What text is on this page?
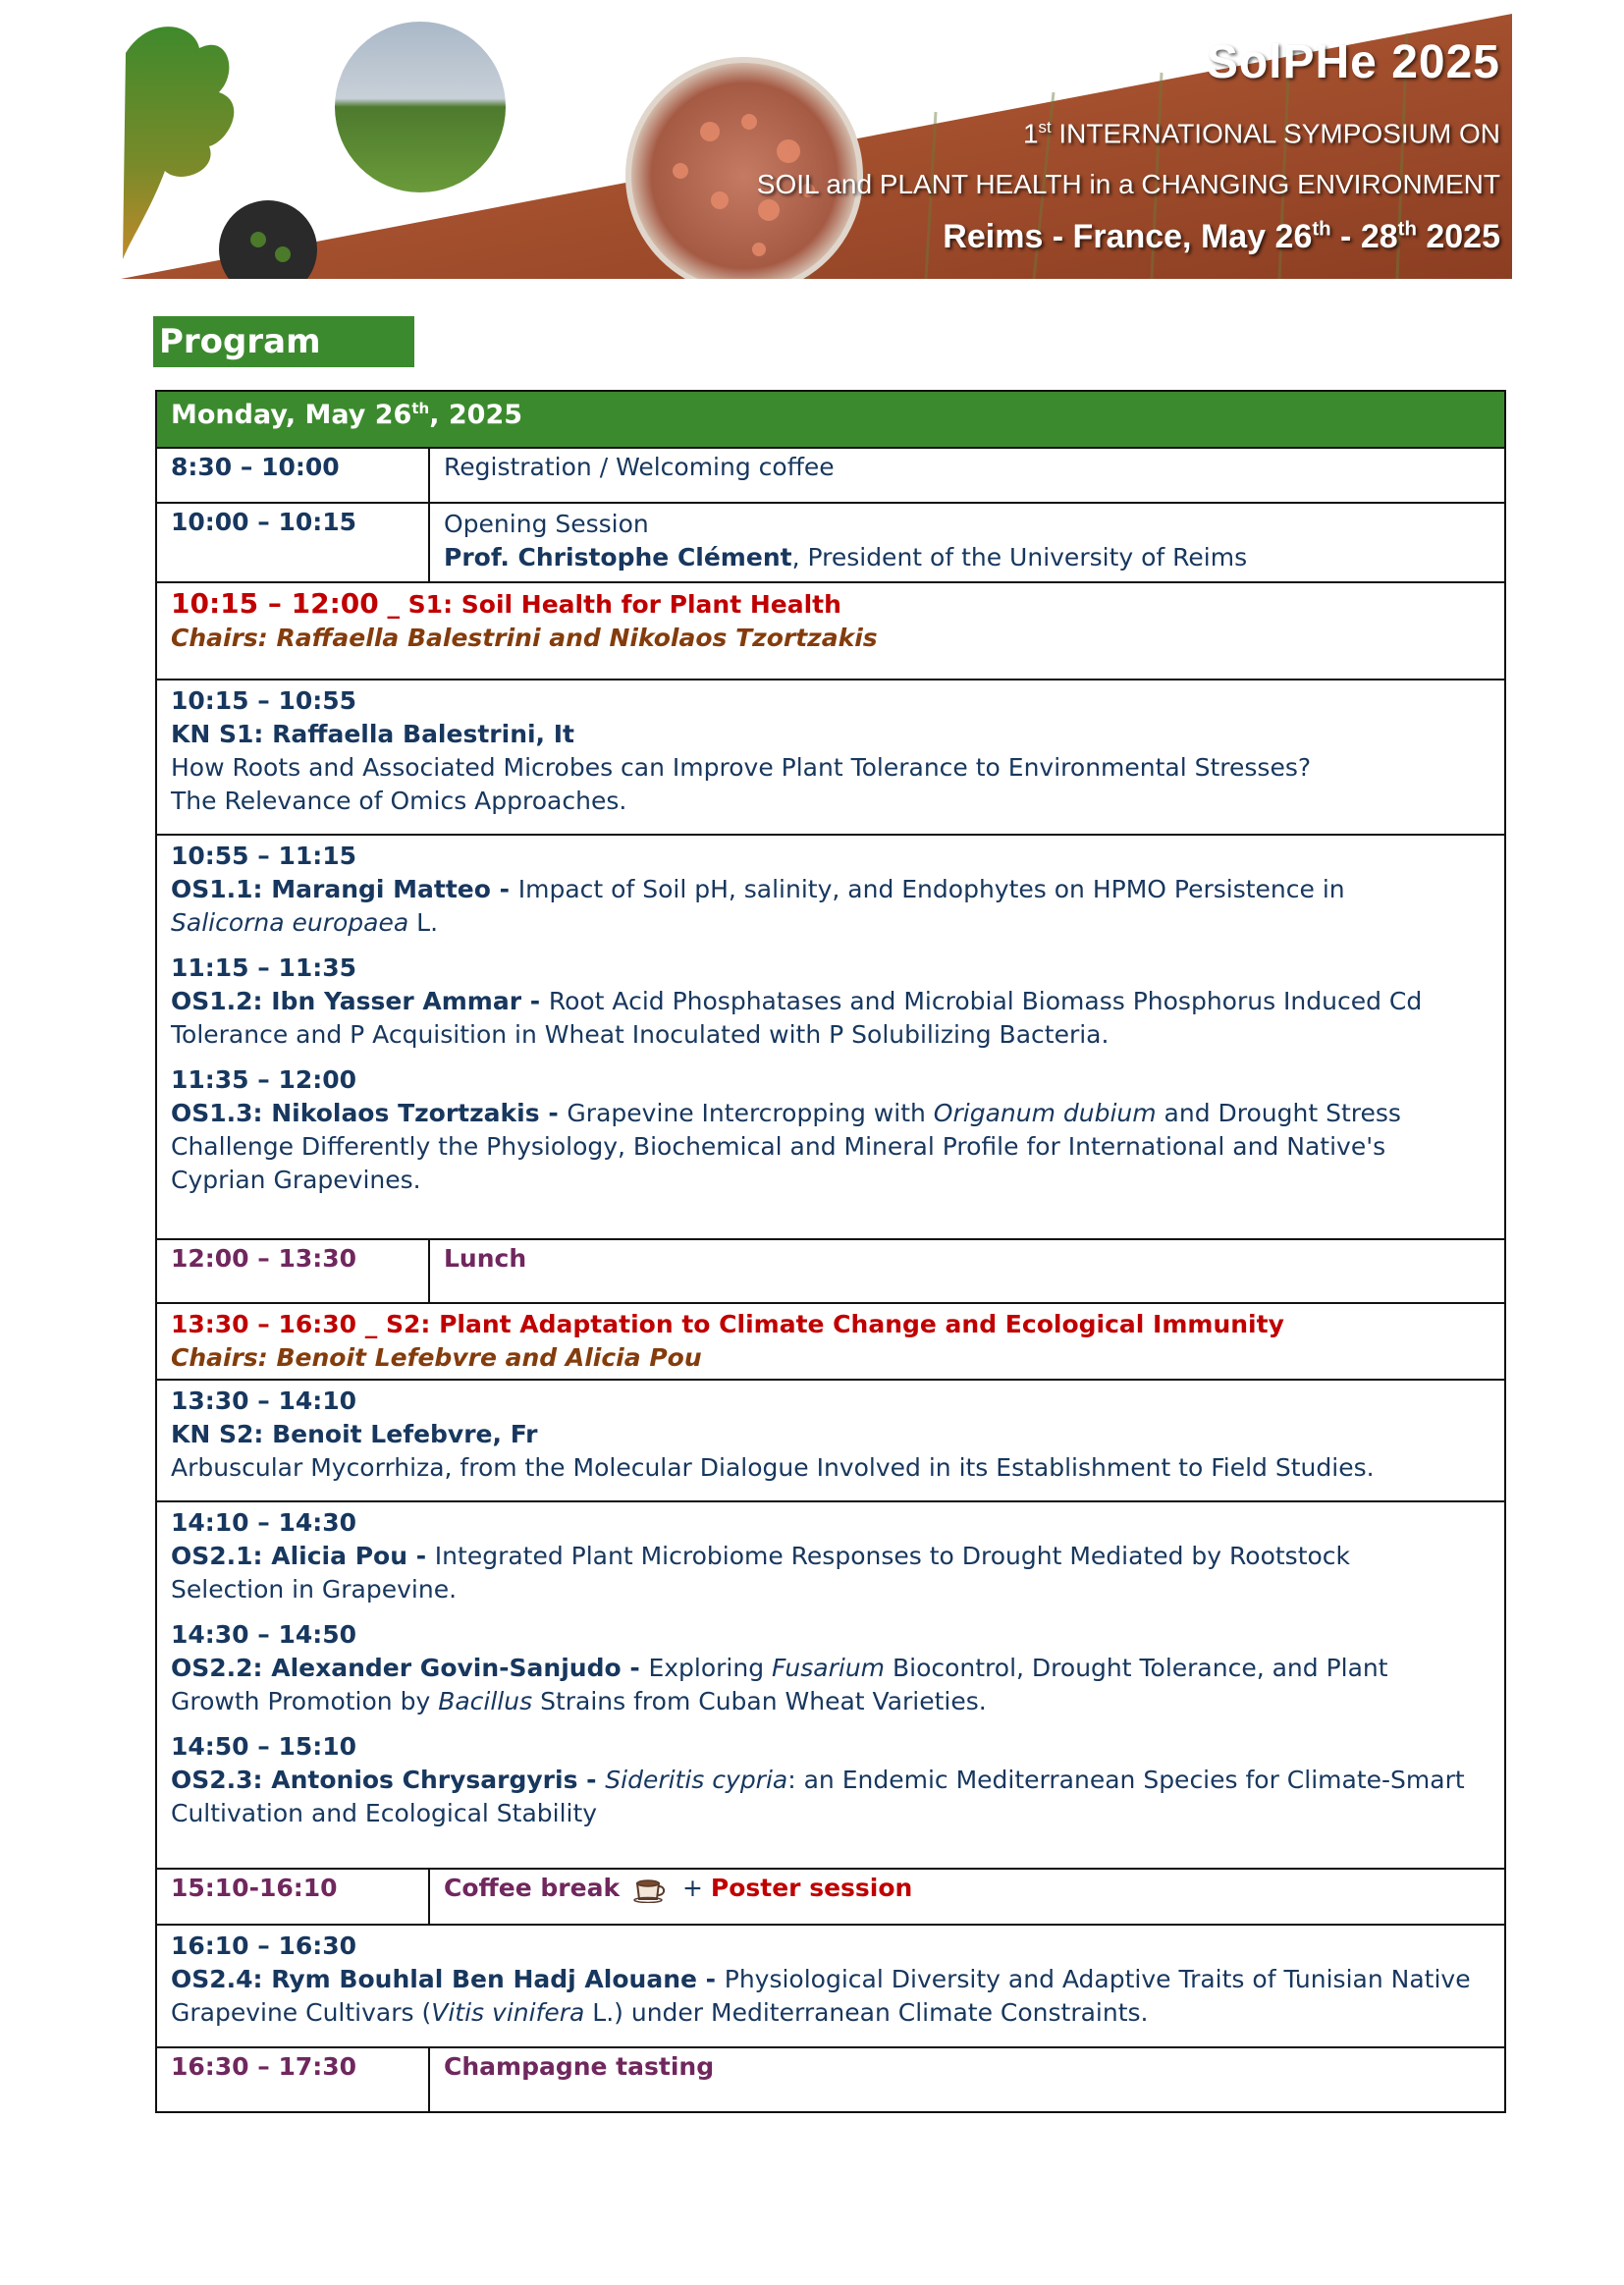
SolPHe 2025
1st INTERNATIONAL SYMPOSIUM ON
SOIL and PLANT HEALTH in a CHANGING ENVIRONMENT
Reims - France, May 26th - 28th 2025
Program
Monday, May 26th, 2025
8:30 – 10:00	Registration / Welcoming coffee
10:00 – 10:15	Opening Session
Prof. Christophe Clément, President of the University of Reims
10:15 – 12:00 _ S1: Soil Health for Plant Health
Chairs: Raffaella Balestrini and Nikolaos Tzortzakis
10:15 – 10:55
KN S1: Raffaella Balestrini, It
How Roots and Associated Microbes can Improve Plant Tolerance to Environmental Stresses?
The Relevance of Omics Approaches.
10:55 – 11:15
OS1.1: Marangi Matteo - Impact of Soil pH, salinity, and Endophytes on HPMO Persistence in
Salicorna europaea L.
11:15 – 11:35
OS1.2: Ibn Yasser Ammar - Root Acid Phosphatases and Microbial Biomass Phosphorus Induced Cd
Tolerance and P Acquisition in Wheat Inoculated with P Solubilizing Bacteria.
11:35 – 12:00
OS1.3: Nikolaos Tzortzakis - Grapevine Intercropping with Origanum dubium and Drought Stress
Challenge Differently the Physiology, Biochemical and Mineral Profile for International and Native's
Cyprian Grapevines.
12:00 – 13:30	Lunch
13:30 – 16:30 _ S2: Plant Adaptation to Climate Change and Ecological Immunity
Chairs: Benoit Lefebvre and Alicia Pou
13:30 – 14:10
KN S2: Benoit Lefebvre, Fr
Arbuscular Mycorrhiza, from the Molecular Dialogue Involved in its Establishment to Field Studies.
14:10 – 14:30
OS2.1: Alicia Pou - Integrated Plant Microbiome Responses to Drought Mediated by Rootstock
Selection in Grapevine.
14:30 – 14:50
OS2.2: Alexander Govin-Sanjudo - Exploring Fusarium Biocontrol, Drought Tolerance, and Plant
Growth Promotion by Bacillus Strains from Cuban Wheat Varieties.
14:50 – 15:10
OS2.3: Antonios Chrysargyris - Sideritis cypria: an Endemic Mediterranean Species for Climate-Smart
Cultivation and Ecological Stability
15:10-16:10	Coffee break	+ Poster session
16:10 – 16:30
OS2.4: Rym Bouhlal Ben Hadj Alouane - Physiological Diversity and Adaptive Traits of Tunisian Native
Grapevine Cultivars (Vitis vinifera L.) under Mediterranean Climate Constraints.
16:30 – 17:30	Champagne tasting
